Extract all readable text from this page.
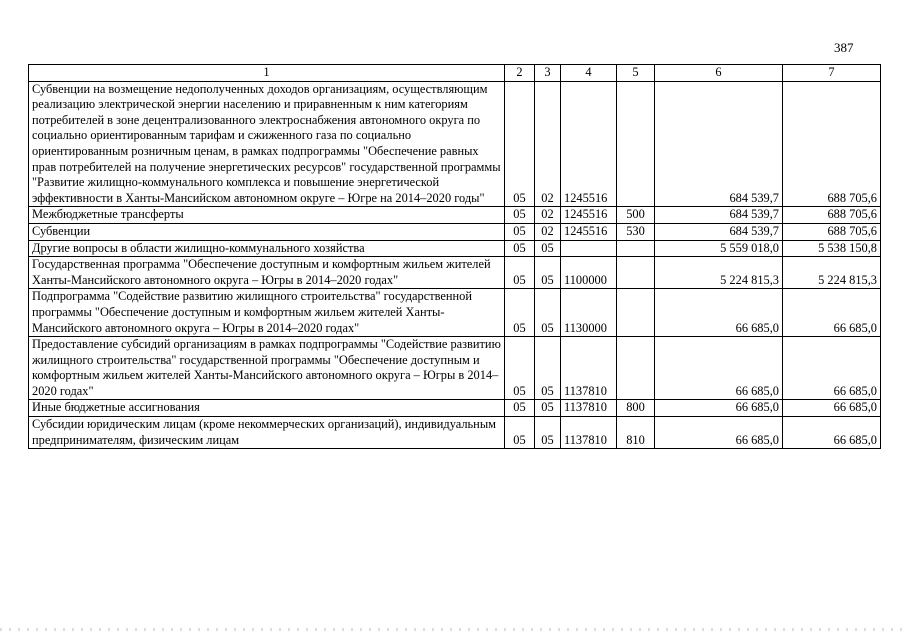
387
1	2	3	4	5	6	7
Субвенции на возмещение недополученных доходов организациям, осуществляющим реализацию электрической энергии населению и приравненным к ним категориям потребителей в зоне децентрализованного электроснабжения автономного округа по социально ориентированным тарифам и сжиженного газа по социально ориентированным розничным ценам, в рамках подпрограммы "Обеспечение равных прав потребителей на получение энергетических ресурсов" государственной программы "Развитие жилищно-коммунального комплекса и повышение энергетической эффективности в Ханты-Мансийском автономном округе – Югре на 2014–2020 годы"	05	02	1245516		684 539,7	688 705,6
Межбюджетные трансферты	05	02	1245516	500	684 539,7	688 705,6
Субвенции	05	02	1245516	530	684 539,7	688 705,6
Другие вопросы в области жилищно-коммунального хозяйства	05	05			5 559 018,0	5 538 150,8
Государственная программа "Обеспечение доступным и комфортным жильем жителей Ханты-Мансийского автономного округа – Югры в 2014–2020 годах"	05	05	1100000		5 224 815,3	5 224 815,3
Подпрограмма "Содействие развитию жилищного строительства" государственной программы "Обеспечение доступным и комфортным жильем жителей Ханты-Мансийского автономного округа – Югры в 2014–2020 годах"	05	05	1130000		66 685,0	66 685,0
Предоставление субсидий организациям в рамках подпрограммы "Содействие развитию жилищного строительства" государственной программы "Обеспечение доступным и комфортным жильем жителей Ханты-Мансийского автономного округа – Югры в 2014–2020 годах"	05	05	1137810		66 685,0	66 685,0
Иные бюджетные ассигнования	05	05	1137810	800	66 685,0	66 685,0
Субсидии юридическим лицам (кроме некоммерческих организаций), индивидуальным предпринимателям, физическим лицам	05	05	1137810	810	66 685,0	66 685,0
